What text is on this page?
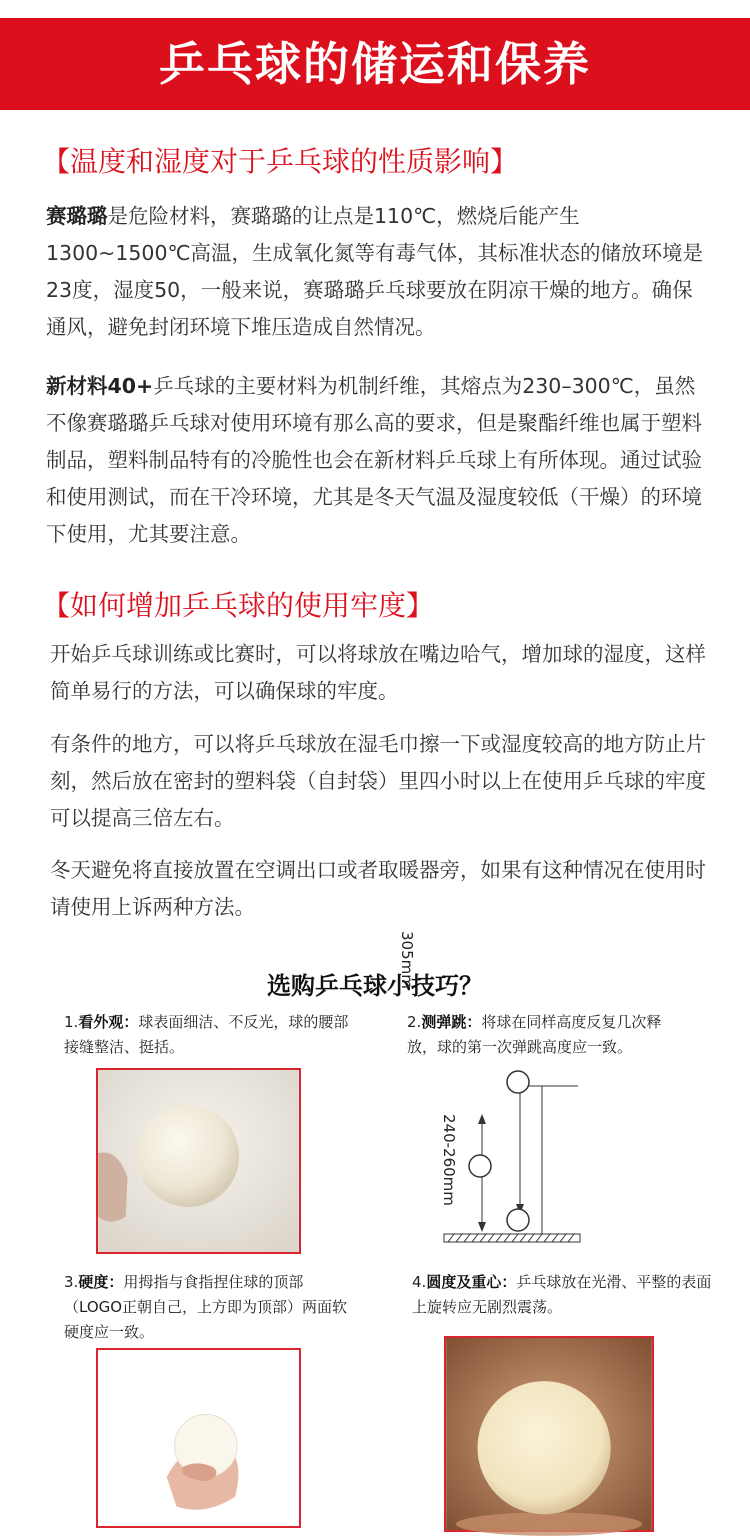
乒乓球的储运和保养
【温度和湿度对于乒乓球的性质影响】

赛璐璐是危险材料，赛璐璐的让点是110℃，燃烧后能产生1300~1500℃高温，生成氧化氮等有毒气体，其标准状态的储放环境是23度，湿度50，一般来说，赛璐璐乒乓球要放在阴凉干燥的地方。确保通风，避免封闭环境下堆压造成自然情况。

新材料40+乒乓球的主要材料为机制纤维，其熔点为230–300℃，虽然不像赛璐璐乒乓球对使用环境有那么高的要求，但是聚酯纤维也属于塑料制品，塑料制品特有的冷脆性也会在新材料乒乓球上有所体现。通过试验和使用测试，而在干冷环境，尤其是冬天气温及湿度较低（干燥）的环境下使用，尤其要注意。

【如何增加乒乓球的使用牢度】
开始乒乓球训练或比赛时，可以将球放在嘴边哈气，增加球的湿度，这样简单易行的方法，可以确保球的牢度。
有条件的地方，可以将乒乓球放在湿毛巾擦一下或湿度较高的地方防止片刻，然后放在密封的塑料袋（自封袋）里四小时以上在使用乒乓球的牢度可以提高三倍左右。
冬天避免将直接放置在空调出口或者取暖器旁，如果有这种情况在使用时请使用上诉两种方法。
选购乒乓球小技巧？
1.看外观：球表面细洁、不反光，球的腰部接缝整洁、挺括。
2.测弹跳：将球在同样高度反复几次释放，球的第一次弹跳高度应一致。
305mm
240-260mm
3.硬度：用拇指与食指捏住球的顶部（LOGO正朝自己，上方即为顶部）两面软硬度应一致。
4.圆度及重心：乒乓球放在光滑、平整的表面上旋转应无剧烈震荡。
